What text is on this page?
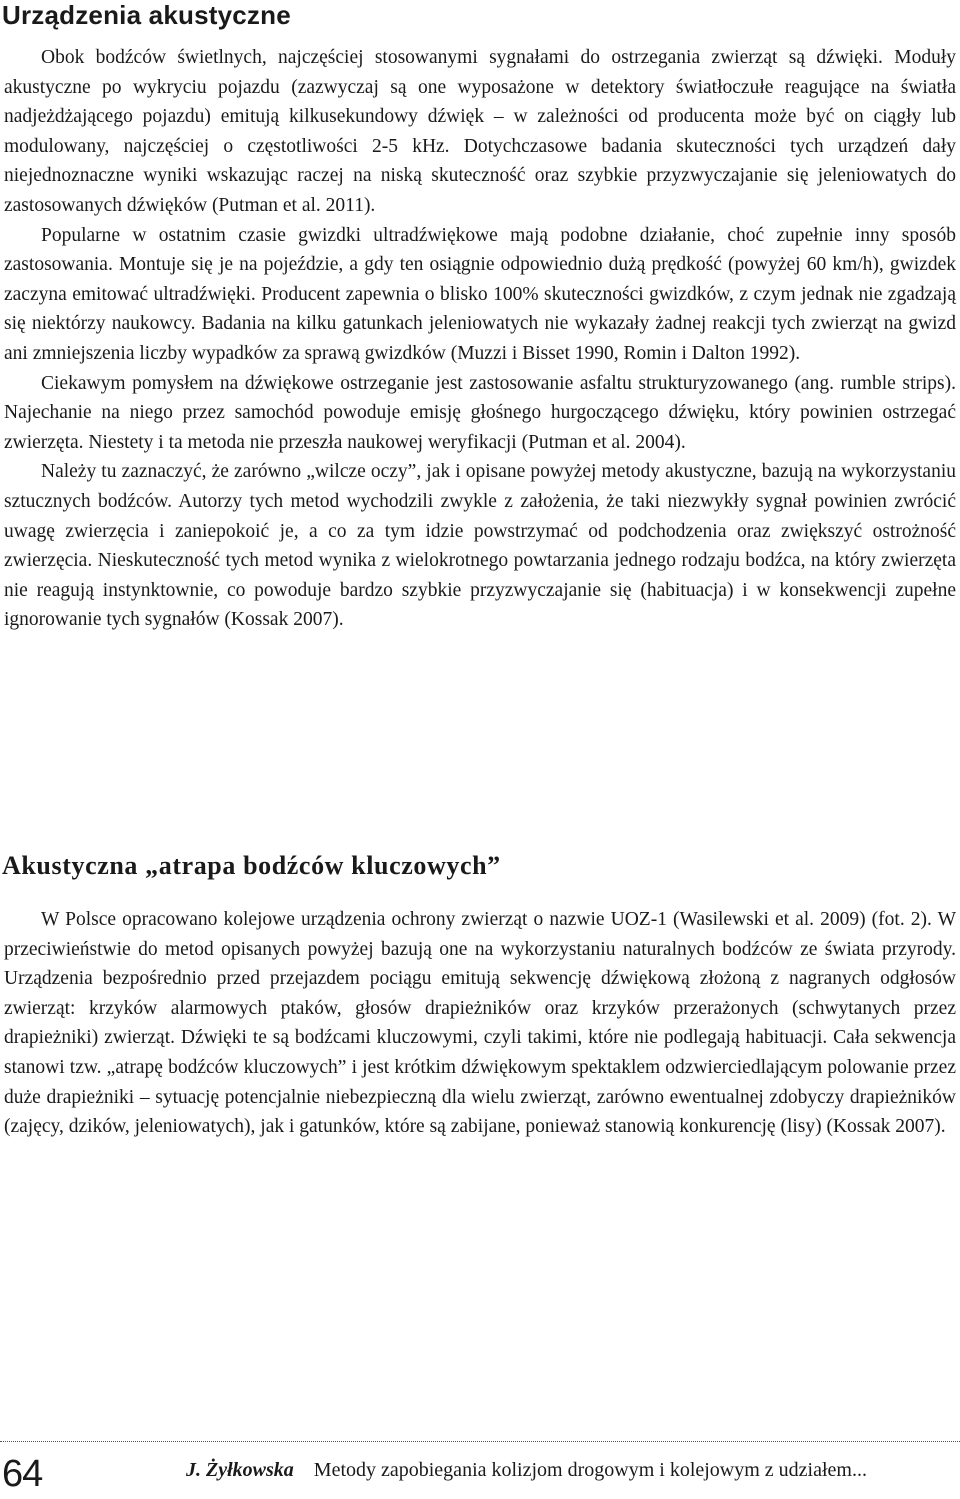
Urządzenia akustyczne

Obok bodźców świetlnych, najczęściej stosowanymi sygnałami do ostrzegania zwierząt są dźwięki. Moduły akustyczne po wykryciu pojazdu (zazwyczaj są one wyposażone w detektory światłoczułe reagujące na światła nadjeżdżającego pojazdu) emitują kilkusekundowy dźwięk – w zależności od producenta może być on ciągły lub modulowany, najczęściej o częstotliwości 2-5 kHz. Dotychczasowe badania skuteczności tych urządzeń dały niejednoznaczne wyniki wskazując raczej na niską skuteczność oraz szybkie przyzwyczajanie się jeleniowatych do zastosowanych dźwięków (Putman et al. 2011).

Popularne w ostatnim czasie gwizdki ultradźwiękowe mają podobne działanie, choć zupełnie inny sposób zastosowania. Montuje się je na pojeździe, a gdy ten osiągnie odpowiednio dużą prędkość (powyżej 60 km/h), gwizdek zaczyna emitować ultradźwięki. Producent zapewnia o blisko 100% skuteczności gwizdków, z czym jednak nie zgadzają się niektórzy naukowcy. Badania na kilku gatunkach jeleniowatych nie wykazały żadnej reakcji tych zwierząt na gwizd ani zmniejszenia liczby wypadków za sprawą gwizdków (Muzzi i Bisset 1990, Romin i Dalton 1992).

Ciekawym pomysłem na dźwiękowe ostrzeganie jest zastosowanie asfaltu strukturyzowanego (ang. rumble strips). Najechanie na niego przez samochód powoduje emisję głośnego hurgoczącego dźwięku, który powinien ostrzegać zwierzęta. Niestety i ta metoda nie przeszła naukowej weryfikacji (Putman et al. 2004).

Należy tu zaznaczyć, że zarówno „wilcze oczy”, jak i opisane powyżej metody akustyczne, bazują na wykorzystaniu sztucznych bodźców. Autorzy tych metod wychodzili zwykle z założenia, że taki niezwykły sygnał powinien zwrócić uwagę zwierzęcia i zaniepokoić je, a co za tym idzie powstrzymać od podchodzenia oraz zwiększyć ostrożność zwierzęcia. Nieskuteczność tych metod wynika z wielokrotnego powtarzania jednego rodzaju bodźca, na który zwierzęta nie reagują instynktownie, co powoduje bardzo szybkie przyzwyczajanie się (habituacja) i w konsekwencji zupełne ignorowanie tych sygnałów (Kossak 2007).

Akustyczna „atrapa bodźców kluczowych”

W Polsce opracowano kolejowe urządzenia ochrony zwierząt o nazwie UOZ-1 (Wasilewski et al. 2009) (fot. 2). W przeciwieństwie do metod opisanych powyżej bazują one na wykorzystaniu naturalnych bodźców ze świata przyrody. Urządzenia bezpośrednio przed przejazdem pociągu emitują sekwencję dźwiękową złożoną z nagranych odgłosów zwierząt: krzyków alarmowych ptaków, głosów drapieżników oraz krzyków przerażonych (schwytanych przez drapieżniki) zwierząt. Dźwięki te są bodźcami kluczowymi, czyli takimi, które nie podlegają habituacji. Cała sekwencja stanowi tzw. „atrapę bodźców kluczowych” i jest krótkim dźwiękowym spektaklem odzwierciedlającym polowanie przez duże drapieżniki – sytuację potencjalnie niebezpieczną dla wielu zwierząt, zarówno ewentualnej zdobyczy drapieżników (zajęcy, dzików, jeleniowatych), jak i gatunków, które są zabijane, ponieważ stanowią konkurencję (lisy) (Kossak 2007).

64	J. Żyłkowska Metody zapobiegania kolizjom drogowym i kolejowym z udziałem...
